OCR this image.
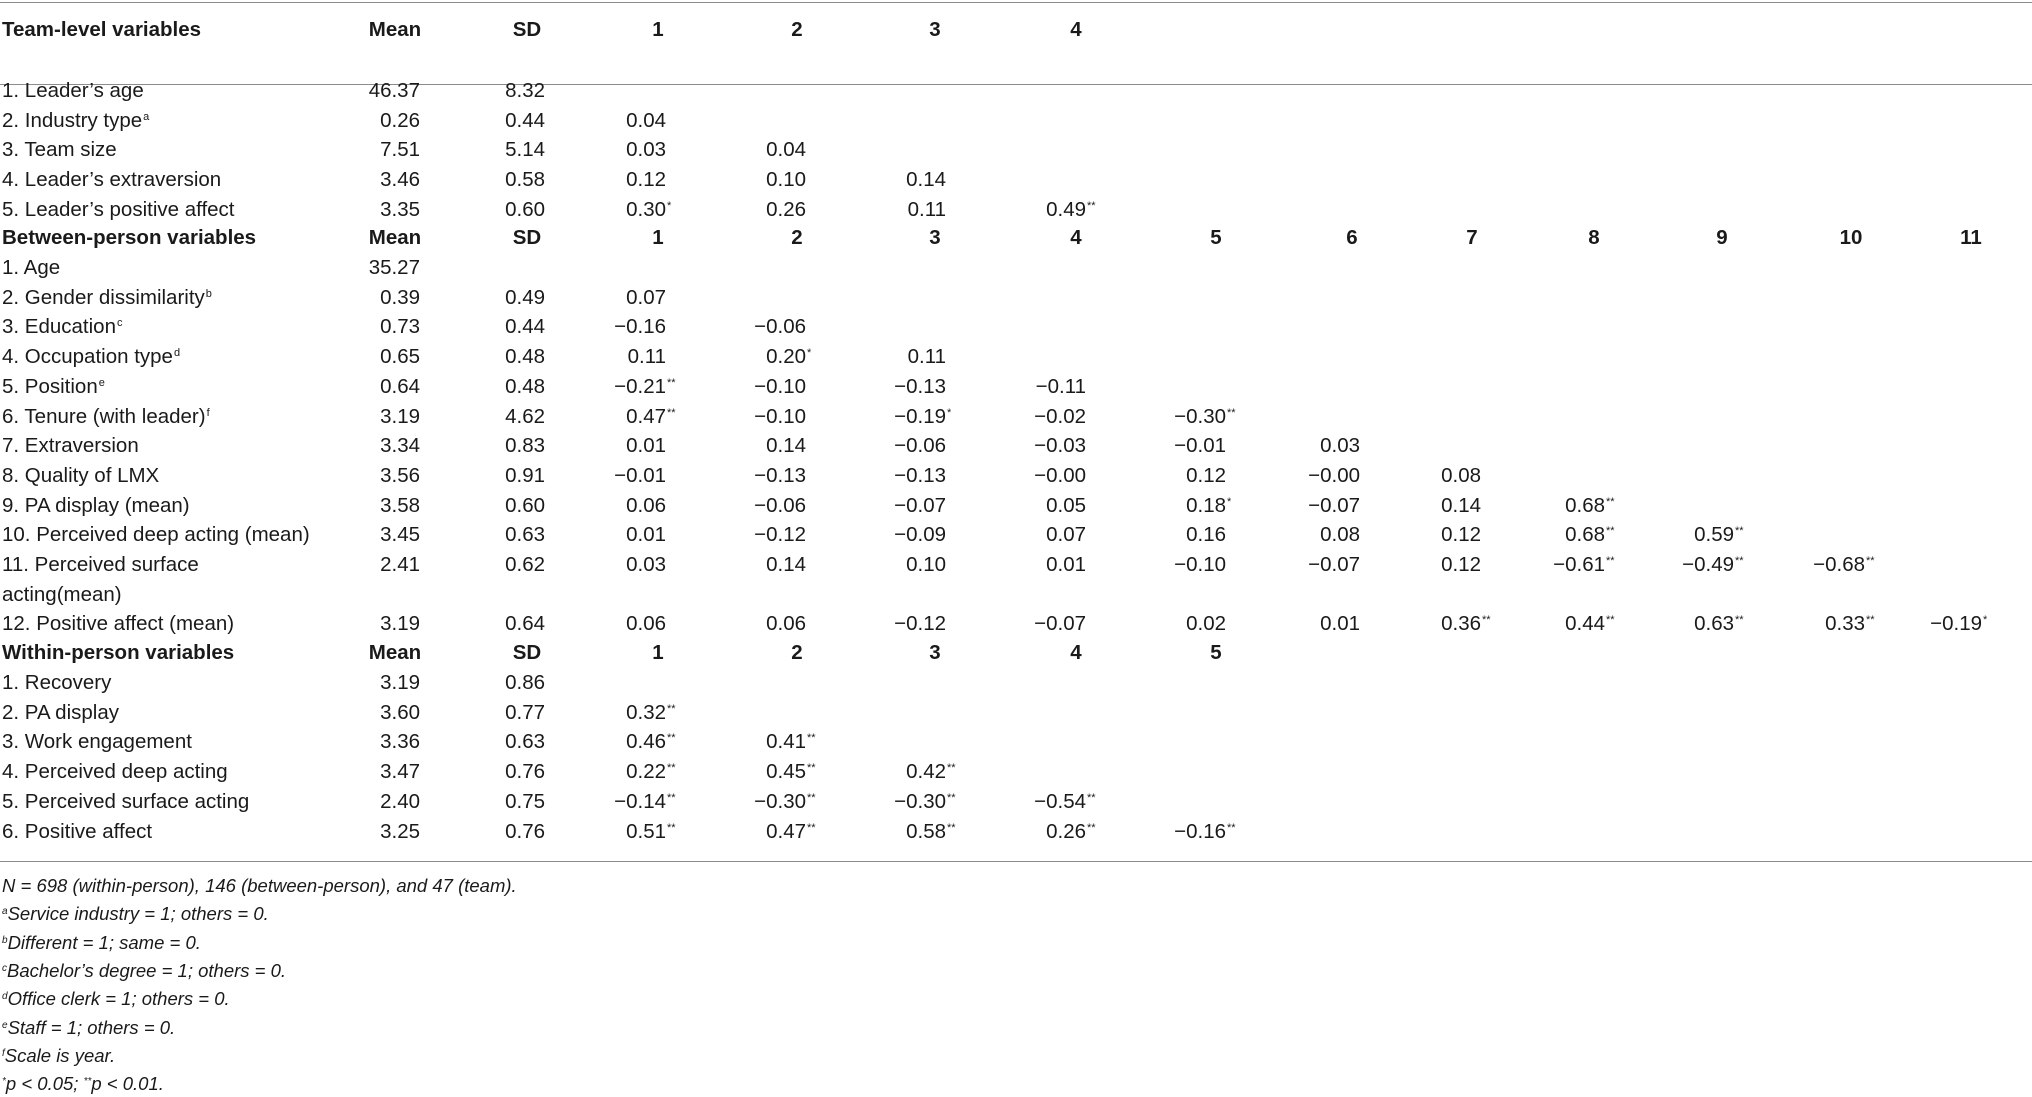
Team-level variables	Mean	SD	1	2	3	4
1. Leader’s age	46.37	8.32
2. Industry type$^a$	0.26	0.44	0.04
3. Team size	7.51	5.14	0.03	0.04
4. Leader’s extraversion	3.46	0.58	0.12	0.10	0.14
5. Leader’s positive affect	3.35	0.60	0.30*	0.26	0.11	0.49**
Between-person variables	Mean	SD	1	2	3	4	5	6	7	8	9	10	11
1. Age	35.27
2. Gender dissimilarity$^b$	0.39	0.49	0.07
3. Education$^c$	0.73	0.44	−0.16	−0.06
4. Occupation type$^d$	0.65	0.48	0.11	0.20*	0.11
5. Position$^e$	0.64	0.48	−0.21**	−0.10	−0.13	−0.11
6. Tenure (with leader)$^f$	3.19	4.62	0.47**	−0.10	−0.19*	−0.02	−0.30**
7. Extraversion	3.34	0.83	0.01	0.14	−0.06	−0.03	−0.01	0.03
8. Quality of LMX	3.56	0.91	−0.01	−0.13	−0.13	−0.00	0.12	−0.00	0.08
9. PA display (mean)	3.58	0.60	0.06	−0.06	−0.07	0.05	0.18*	−0.07	0.14	0.68**
10. Perceived deep acting (mean)	3.45	0.63	0.01	−0.12	−0.09	0.07	0.16	0.08	0.12	0.68**	0.59**
11. Perceived surface	2.41	0.62	0.03	0.14	0.10	0.01	−0.10	−0.07	0.12	−0.61**	−0.49**	−0.68**
acting(mean)
12. Positive affect (mean)	3.19	0.64	0.06	0.06	−0.12	−0.07	0.02	0.01	0.36**	0.44**	0.63**	0.33**	−0.19*
Within-person variables	Mean	SD	1	2	3	4	5
1. Recovery	3.19	0.86
2. PA display	3.60	0.77	0.32**
3. Work engagement	3.36	0.63	0.46**	0.41**
4. Perceived deep acting	3.47	0.76	0.22**	0.45**	0.42**
5. Perceived surface acting	2.40	0.75	−0.14**	−0.30**	−0.30**	−0.54**
6. Positive affect	3.25	0.76	0.51**	0.47**	0.58**	0.26**	−0.16**
N = 698 (within-person), 146 (between-person), and 47 (team).
$^a$Service industry = 1; others = 0.
$^b$Different = 1; same = 0.
$^c$Bachelor’s degree = 1; others = 0.
$^d$Office clerk = 1; others = 0.
$^e$Staff = 1; others = 0.
$^f$Scale is year.
*p < 0.05; **p < 0.01.
